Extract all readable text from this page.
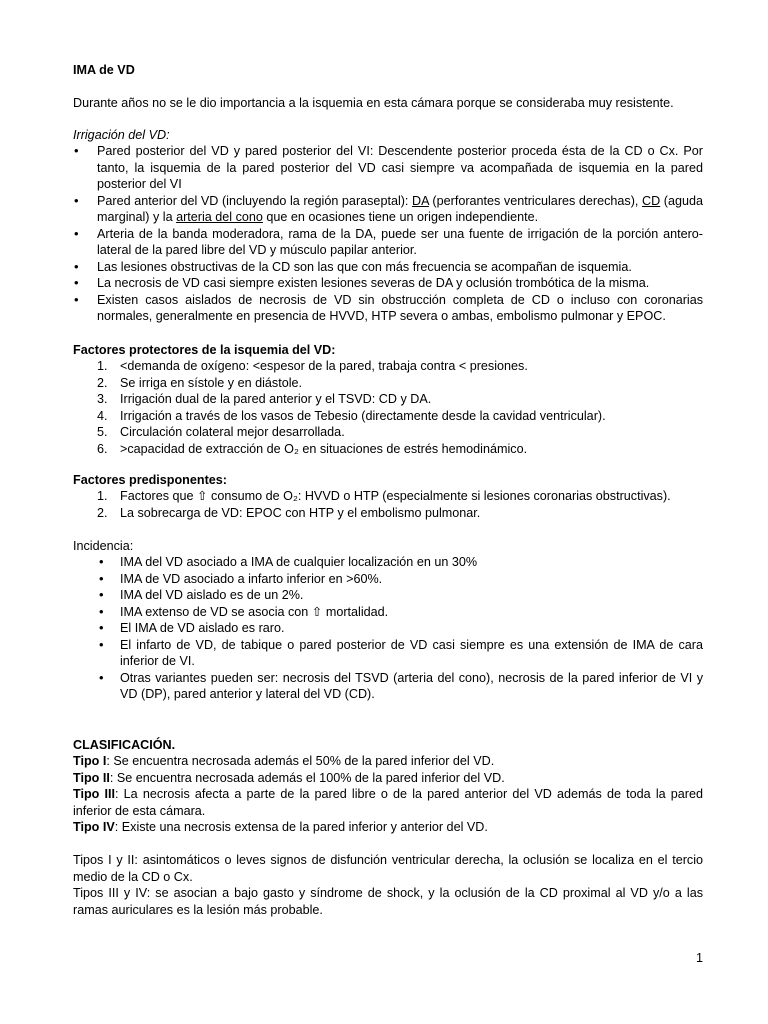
IMA de VD
Durante años no se le dio importancia a la isquemia en esta cámara porque se consideraba muy resistente.
Irrigación del VD:
• Pared posterior del VD y pared posterior del VI: Descendente posterior proceda ésta de la CD o Cx. Por tanto, la isquemia de la pared posterior del VD casi siempre va acompañada de isquemia en la pared posterior del VI
• Pared anterior del VD (incluyendo la región paraseptal): DA (perforantes ventriculares derechas), CD (aguda marginal) y la arteria del cono que en ocasiones tiene un origen independiente.
• Arteria de la banda moderadora, rama de la DA, puede ser una fuente de irrigación de la porción antero-lateral de la pared libre del VD y músculo papilar anterior.
• Las lesiones obstructivas de la CD son las que con más frecuencia se acompañan de isquemia.
• La necrosis de VD casi siempre existen lesiones severas de DA y oclusión trombótica de la misma.
• Existen casos aislados de necrosis de VD sin obstrucción completa de CD o incluso con coronarias normales, generalmente en presencia de HVVD, HTP severa o ambas, embolismo pulmonar y EPOC.
Factores protectores de la isquemia del VD:
1. <demanda de oxígeno: <espesor de la pared, trabaja contra < presiones.
2. Se irriga en sístole y en diástole.
3. Irrigación dual de la pared anterior y el TSVD: CD y DA.
4. Irrigación a través de los vasos de Tebesio (directamente desde la cavidad ventricular).
5. Circulación colateral mejor desarrollada.
6. >capacidad de extracción de O₂ en situaciones de estrés hemodinámico.
Factores predisponentes:
1. Factores que ⇧ consumo de O₂: HVVD o HTP (especialmente si lesiones coronarias obstructivas).
2. La sobrecarga de VD: EPOC con HTP y el embolismo pulmonar.
Incidencia:
• IMA del VD asociado a IMA de cualquier localización en un 30%
• IMA de VD asociado a infarto inferior en >60%.
• IMA del VD aislado es de un 2%.
• IMA extenso de VD se asocia con ⇧ mortalidad.
• El IMA de VD aislado es raro.
• El infarto de VD, de tabique o pared posterior de VD casi siempre es una extensión de IMA de cara inferior de VI.
• Otras variantes pueden ser: necrosis del TSVD (arteria del cono), necrosis de la pared inferior de VI y VD (DP), pared anterior y lateral del VD (CD).
CLASIFICACIÓN.

Tipo I: Se encuentra necrosada además el 50% de la pared inferior del VD.

Tipo II: Se encuentra necrosada además el 100% de la pared inferior del VD.

Tipo III: La necrosis afecta a parte de la pared libre o de la pared anterior del VD además de toda la pared inferior de esta cámara.

Tipo IV: Existe una necrosis extensa de la pared inferior y anterior del VD.

Tipos I y II: asintomáticos o leves signos de disfunción ventricular derecha, la oclusión se localiza en el tercio medio de la CD o Cx.
Tipos III y IV: se asocian a bajo gasto y síndrome de shock, y la oclusión de la CD proximal al VD y/o a las ramas auriculares es la lesión más probable.
1
